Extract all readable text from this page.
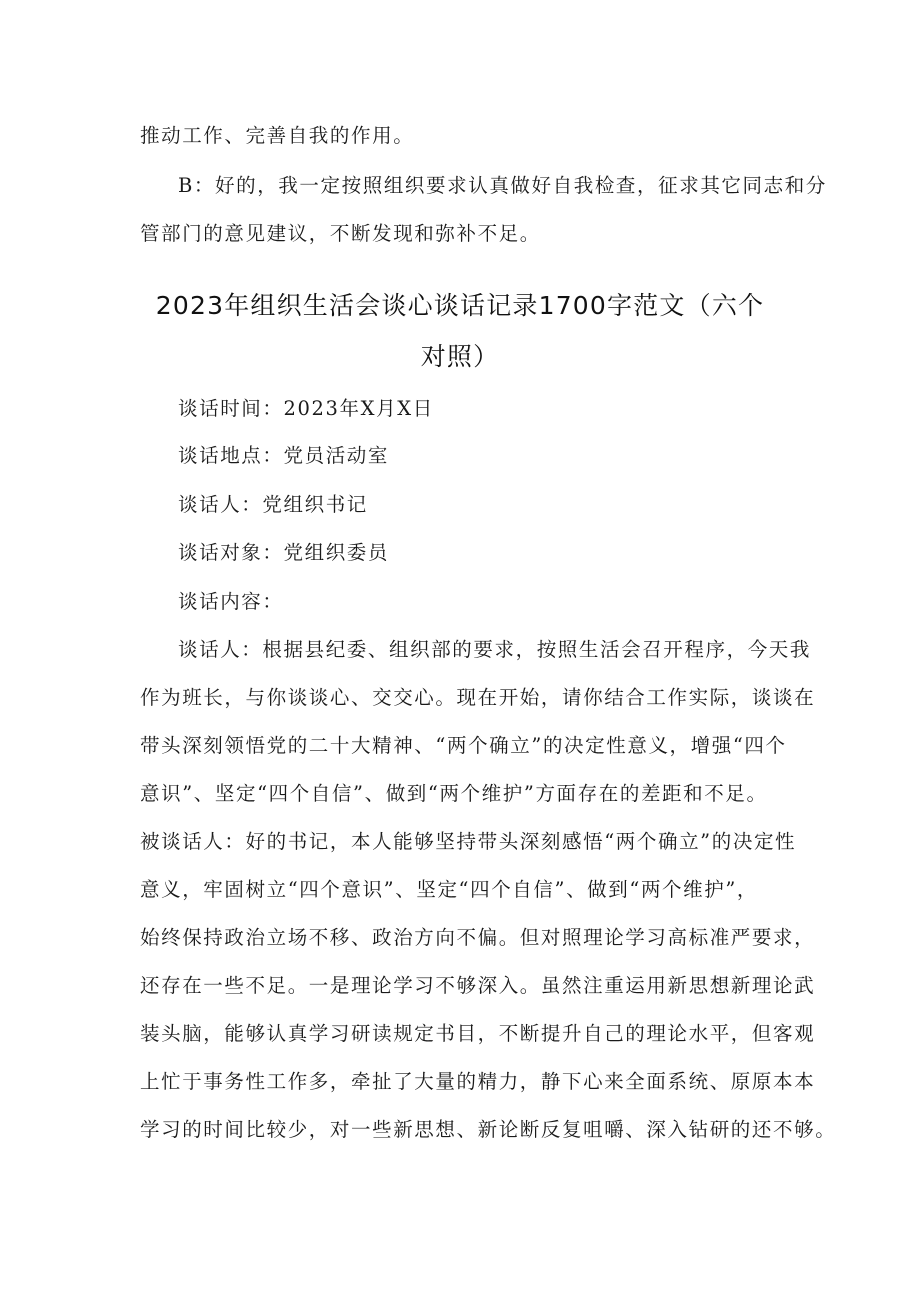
推动工作、完善自我的作用。
B：好的，我一定按照组织要求认真做好自我检查，征求其它同志和分
管部门的意见建议，不断发现和弥补不足。
2023年组织生活会谈心谈话记录1700字范文（六个
对照）
谈话时间：2023年X月X日
谈话地点：党员活动室
谈话人：党组织书记
谈话对象：党组织委员
谈话内容：
谈话人：根据县纪委、组织部的要求，按照生活会召开程序，今天我
作为班长，与你谈谈心、交交心。现在开始，请你结合工作实际，谈谈在
带头深刻领悟党的二十大精神、“两个确立”的决定性意义，增强“四个
意识”、坚定“四个自信”、做到“两个维护”方面存在的差距和不足。
被谈话人：好的书记，本人能够坚持带头深刻感悟“两个确立”的决定性
意义，牢固树立“四个意识”、坚定“四个自信”、做到“两个维护”，
始终保持政治立场不移、政治方向不偏。但对照理论学习高标准严要求，
还存在一些不足。一是理论学习不够深入。虽然注重运用新思想新理论武
装头脑，能够认真学习研读规定书目，不断提升自己的理论水平，但客观
上忙于事务性工作多，牵扯了大量的精力，静下心来全面系统、原原本本
学习的时间比较少，对一些新思想、新论断反复咀嚼、深入钻研的还不够。
